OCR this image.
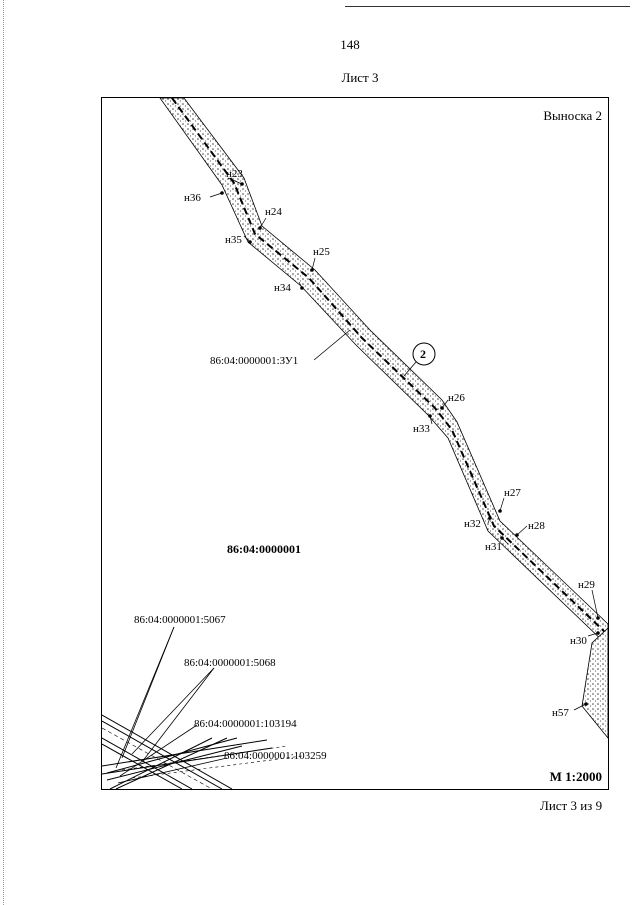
148
Лист 3
2
н23
н36
н24
н35
н25
н34
н26
н33
н27
н32	н28
н31
н29
н30
н57
86:04:0000001:ЗУ1
86:04:0000001
86:04:0000001:5067
86:04:0000001:5068
86:04:0000001:103194
86:04:0000001:103259
Выноска 2
М 1:2000
Лист 3 из 9
